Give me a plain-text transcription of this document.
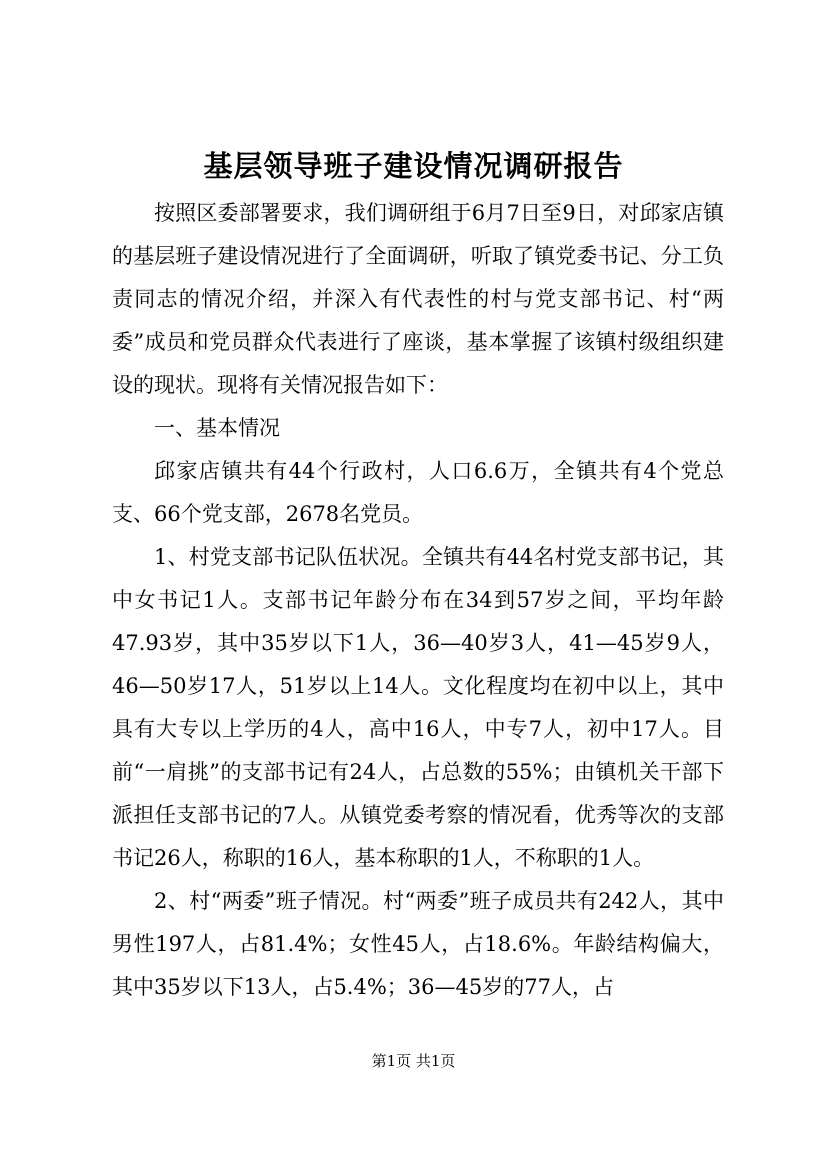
基层领导班子建设情况调研报告

按照区委部署要求，我们调研组于6月7日至9日，对邱家店镇的基层班子建设情况进行了全面调研，听取了镇党委书记、分工负责同志的情况介绍，并深入有代表性的村与党支部书记、村“两委”成员和党员群众代表进行了座谈，基本掌握了该镇村级组织建设的现状。现将有关情况报告如下：

一、基本情况

邱家店镇共有44个行政村，人口6.6万，全镇共有4个党总支、66个党支部，2678名党员。

1、村党支部书记队伍状况。全镇共有44名村党支部书记，其中女书记1人。支部书记年龄分布在34到57岁之间，平均年龄47.93岁，其中35岁以下1人，36—40岁3人，41—45岁9人，46—50岁17人，51岁以上14人。文化程度均在初中以上，其中具有大专以上学历的4人，高中16人，中专7人，初中17人。目前“一肩挑”的支部书记有24人，占总数的55%；由镇机关干部下派担任支部书记的7人。从镇党委考察的情况看，优秀等次的支部书记26人，称职的16人，基本称职的1人，不称职的1人。

2、村“两委”班子情况。村“两委”班子成员共有242人，其中男性197人，占81.4%；女性45人，占18.6%。年龄结构偏大，其中35岁以下13人，占5.4%；36—45岁的77人，占

第1页 共1页
